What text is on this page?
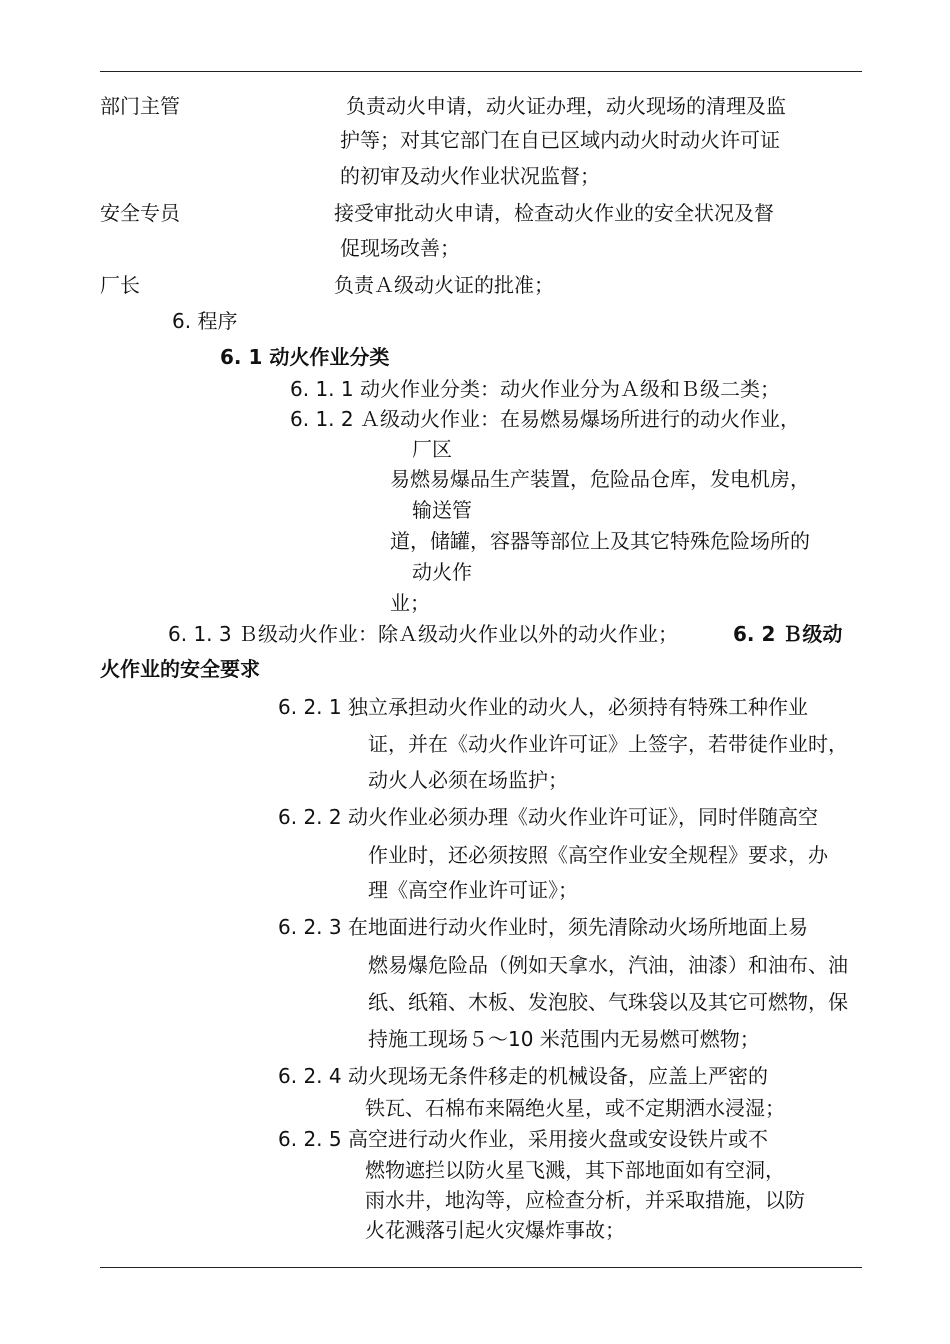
部门主管	负责动火申请，动火证办理，动火现场的清理及监
护等；对其它部门在自已区域内动火时动火许可证
的初审及动火作业状况监督；
安全专员	接受审批动火申请，检查动火作业的安全状况及督
促现场改善；
厂长	负责Ａ级动火证的批准；
6. 程序
6. 1 动火作业分类
6. 1. 1 动火作业分类：动火作业分为Ａ级和Ｂ级二类；
6. 1. 2 Ａ级动火作业：在易燃易爆场所进行的动火作业，
厂区
易燃易爆品生产装置，危险品仓库，发电机房，
输送管
道，储罐，容器等部位上及其它特殊危险场所的
动火作
业；
6. 1. 3 Ｂ级动火作业：除Ａ级动火作业以外的动火作业；	6. 2 Ｂ级动
火作业的安全要求
6. 2. 1 独立承担动火作业的动火人，必须持有特殊工种作业
证，并在《动火作业许可证》上签字，若带徒作业时，
动火人必须在场监护；
6. 2. 2 动火作业必须办理《动火作业许可证》，同时伴随高空
作业时，还必须按照《高空作业安全规程》要求，办
理《高空作业许可证》；
6. 2. 3 在地面进行动火作业时，须先清除动火场所地面上易
燃易爆危险品（例如天拿水，汽油，油漆）和油布、油
纸、纸箱、木板、发泡胶、气珠袋以及其它可燃物，保
持施工现场５～10 米范围内无易燃可燃物；
6. 2. 4 动火现场无条件移走的机械设备，应盖上严密的
铁瓦、石棉布来隔绝火星，或不定期洒水浸湿；
6. 2. 5 高空进行动火作业，采用接火盘或安设铁片或不
燃物遮拦以防火星飞溅，其下部地面如有空洞，
雨水井，地沟等，应检查分析，并采取措施，以防
火花溅落引起火灾爆炸事故；
